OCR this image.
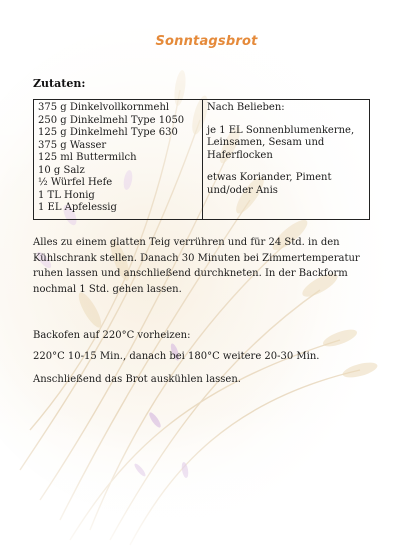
Sonntagsbrot
Zutaten:
375 g Dinkelvollkornmehl
250 g Dinkelmehl Type 1050
125 g Dinkelmehl Type 630
375 g Wasser
125 ml Buttermilch
10 g Salz
½ Würfel Hefe
1 TL Honig
1 EL Apfelessig

Nach Belieben:
je 1 EL Sonnenblumenkerne,
Leinsamen, Sesam und
Haferflocken
etwas Koriander, Piment
und/oder Anis
Alles zu einem glatten Teig verrühren und für 24 Std. in den Kühlschrank stellen. Danach 30 Minuten bei Zimmertemperatur ruhen lassen und anschließend durchkneten. In der Backform nochmal 1 Std. gehen lassen.
Backofen auf 220°C vorheizen:
220°C 10-15 Min., danach bei 180°C weitere 20-30 Min.
Anschließend das Brot auskühlen lassen.
